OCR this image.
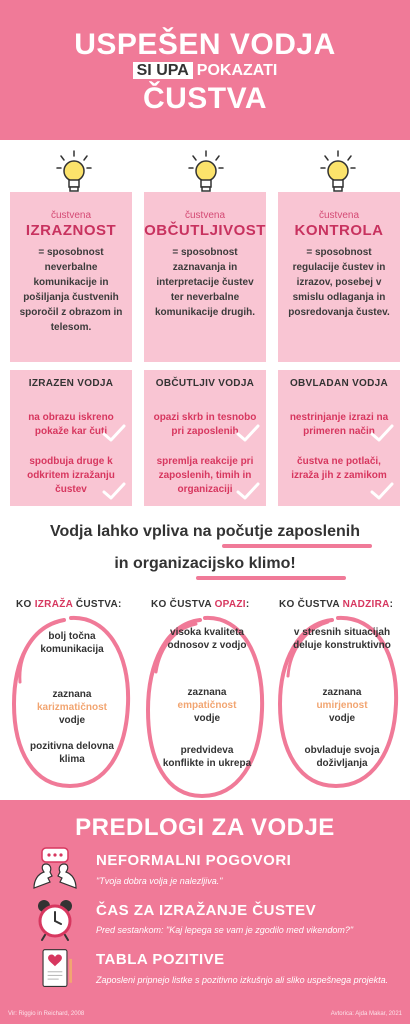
USPEŠEN VODJA
SI UPA POKAZATI
ČUSTVA
čustvena
IZRAZNOST
= sposobnost neverbalne komunikacije in pošiljanja čustvenih sporočil z obrazom in telesom.
čustvena
OBČUTLJIVOST
= sposobnost zaznavanja in interpretacije čustev ter neverbalne komunikacije drugih.
čustvena
KONTROLA
= sposobnost regulacije čustev in izrazov, posebej v smislu odlaganja in posredovanja čustev.
IZRAZEN VODJA
na obrazu iskreno pokaže kar čuti
spodbuja druge k odkritem izražanju čustev
OBČUTLJIV VODJA
opazi skrb in tesnobo pri zaposlenih
spremlja reakcije pri zaposlenih, timih in organizaciji
OBVLADAN VODJA
nestrinjanje izrazi na primeren način
čustva ne potlači, izraža jih z zamikom
Vodja lahko vpliva na počutje zaposlenih
in organizacijsko klimo!
KO IZRAŽA ČUSTVA:	KO ČUSTVA OPAZI:	KO ČUSTVA NADZIRA:
bolj točna komunikacija
zaznana
karizmatičnost
vodje
pozitivna delovna klima
visoka kvaliteta odnosov z vodjo
zaznana
empatičnost
vodje
predvideva konflikte in ukrepa
v stresnih situacijah deluje konstruktivno
zaznana
umirjenost
vodje
obvladuje svoja doživljanja
PREDLOGI ZA VODJE
NEFORMALNI POGOVORI
"Tvoja dobra volja je nalezljiva."
ČAS ZA IZRAŽANJE ČUSTEV
Pred sestankom: "Kaj lepega se vam je zgodilo med vikendom?"
TABLA POZITIVE
Zaposleni pripnejo listke s pozitivno izkušnjo ali sliko uspešnega projekta.
Vir: Riggio in Reichard, 2008	Avtorica: Ajda Makar, 2021
